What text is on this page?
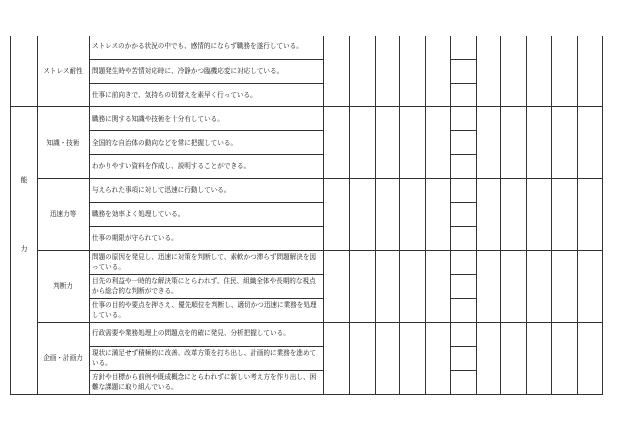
能
力
ストレス耐性
知識・技術
迅速力等
判断力
企画・計画力
ストレスのかかる状況の中でも、感情的にならず職務を遂行している。
問題発生時や苦情対応時に、冷静かつ臨機応変に対応している。
仕事に前向きで、気持ちの切替えを素早く行っている。
職務に関する知識や技術を十分有している。
全国的な自治体の動向などを常に把握している。
わかりやすい資料を作成し、説明することができる。
与えられた事項に対して迅速に行動している。
職務を効率よく処理している。
仕事の期限が守られている。
問題の原因を発見し、迅速に対策を判断して、素軟かつ滞らず問題解決を図っている。
目先の利益や一時的な解決策にとらわれず、住民、組織全体や長期的な視点から総合的な判断ができる。
仕事の目的や要点を押さえ、優先順位を判断し、適切かつ迅速に業務を処理している。
行政需要や業務処理上の問題点を的確に発見、分析把握している。
現状に満足せず積極的に改善、改革方策を打ち出し、計画的に業務を進めている。
方針や目標から前例や既成概念にとらわれずに新しい考え方を作り出し、困難な課題に取り組んでいる。
